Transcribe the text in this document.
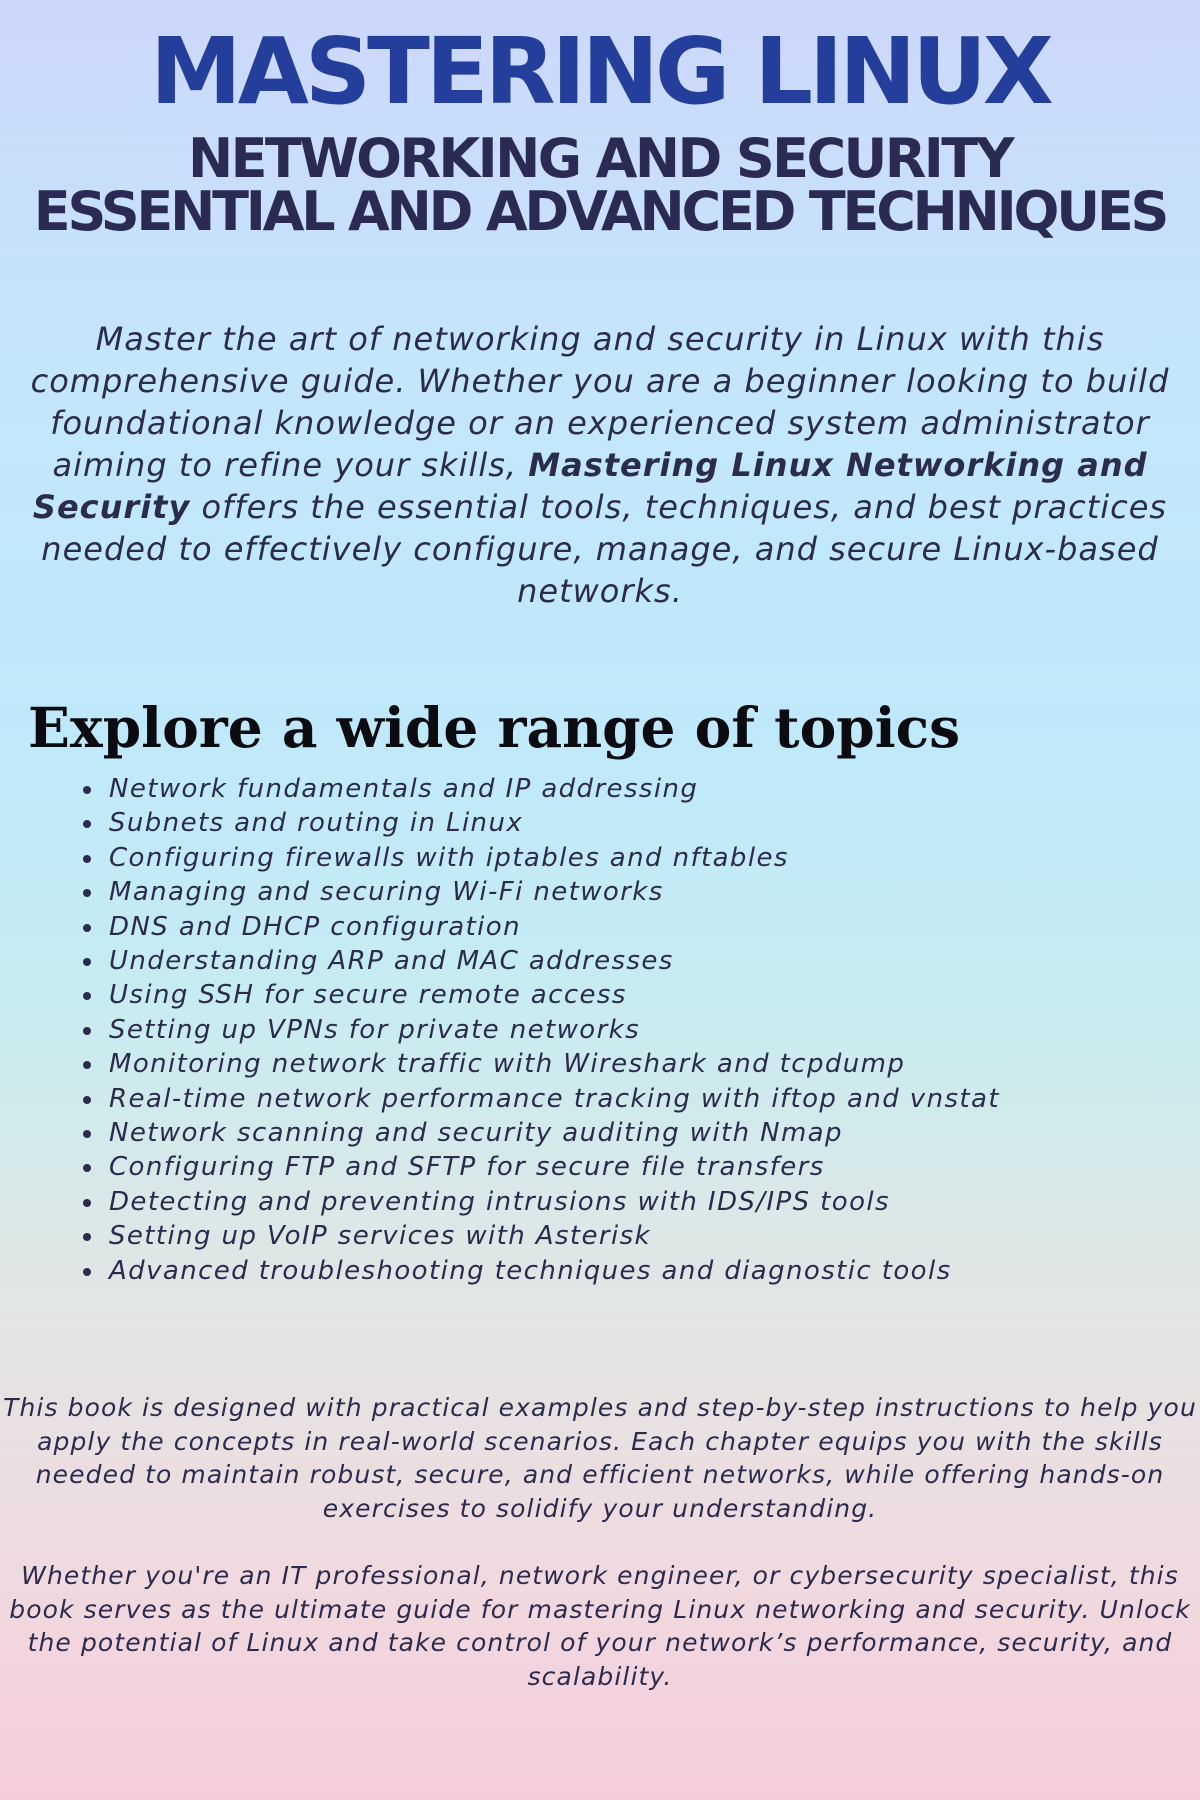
MASTERING LINUX
NETWORKING AND SECURITY
ESSENTIAL AND ADVANCED TECHNIQUES

Master the art of networking and security in Linux with this comprehensive guide. Whether you are a beginner looking to build foundational knowledge or an experienced system administrator aiming to refine your skills, Mastering Linux Networking and Security offers the essential tools, techniques, and best practices needed to effectively configure, manage, and secure Linux-based networks.

Explore a wide range of topics
Network fundamentals and IP addressing
Subnets and routing in Linux
Configuring firewalls with iptables and nftables
Managing and securing Wi-Fi networks
DNS and DHCP configuration
Understanding ARP and MAC addresses
Using SSH for secure remote access
Setting up VPNs for private networks
Monitoring network traffic with Wireshark and tcpdump
Real-time network performance tracking with iftop and vnstat
Network scanning and security auditing with Nmap
Configuring FTP and SFTP for secure file transfers
Detecting and preventing intrusions with IDS/IPS tools
Setting up VoIP services with Asterisk
Advanced troubleshooting techniques and diagnostic tools

This book is designed with practical examples and step-by-step instructions to help you apply the concepts in real-world scenarios. Each chapter equips you with the skills needed to maintain robust, secure, and efficient networks, while offering hands-on exercises to solidify your understanding.

Whether you're an IT professional, network engineer, or cybersecurity specialist, this book serves as the ultimate guide for mastering Linux networking and security. Unlock the potential of Linux and take control of your network’s performance, security, and scalability.
